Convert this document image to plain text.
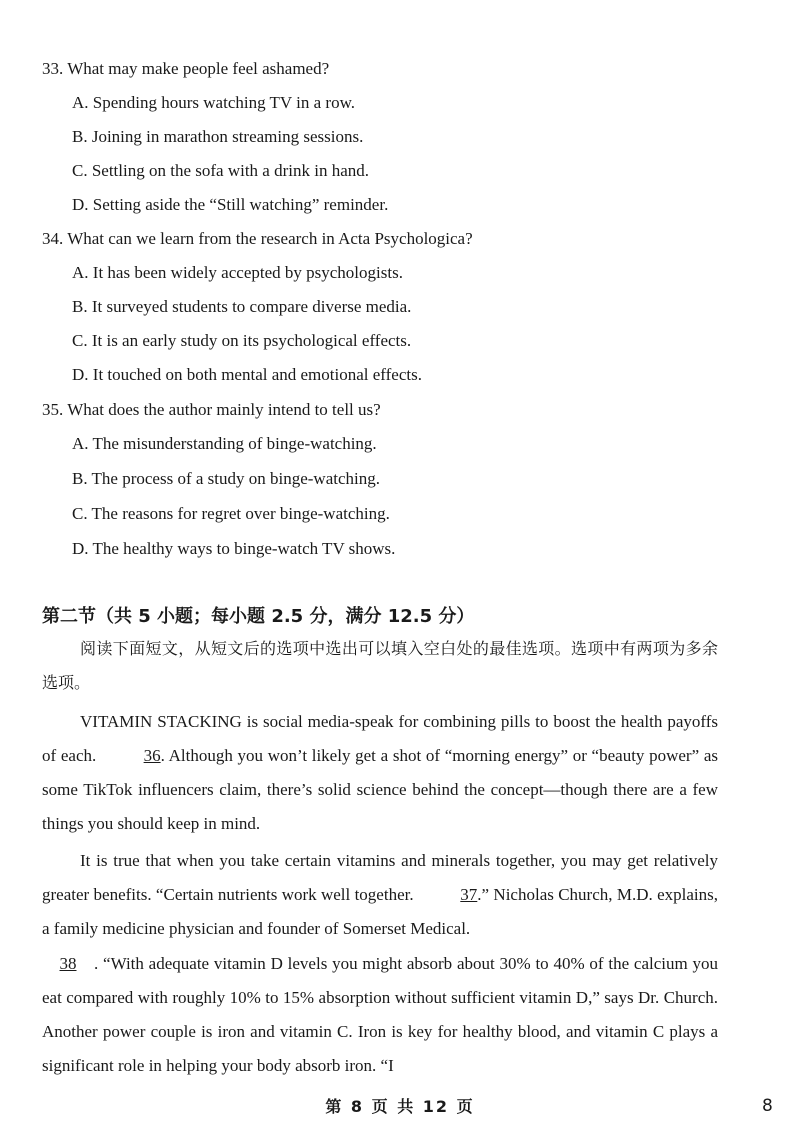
33. What may make people feel ashamed?
A. Spending hours watching TV in a row.
B. Joining in marathon streaming sessions.
C. Settling on the sofa with a drink in hand.
D. Setting aside the “Still watching” reminder.
34. What can we learn from the research in Acta Psychologica?
A. It has been widely accepted by psychologists.
B. It surveyed students to compare diverse media.
C. It is an early study on its psychological effects.
D. It touched on both mental and emotional effects.
35. What does the author mainly intend to tell us?
A. The misunderstanding of binge-watching.
B. The process of a study on binge-watching.
C. The reasons for regret over binge-watching.
D. The healthy ways to binge-watch TV shows.
第二节（共 5 小题；每小题 2.5 分，满分 12.5 分）
阅读下面短文，从短文后的选项中选出可以填入空白处的最佳选项。选项中有两项为多余选项。
VITAMIN STACKING is social media-speak for combining pills to boost the health payoffs of each.	36. Although you won’t likely get a shot of “morning energy” or “beauty power” as some TikTok influencers claim, there’s solid science behind the concept—though there are a few things you should keep in mind.
It is true that when you take certain vitamins and minerals together, you may get relatively greater benefits. “Certain nutrients work well together.	37.” Nicholas Church, M.D. explains, a family medicine physician and founder of Somerset Medical.
38 . “With adequate vitamin D levels you might absorb about 30% to 40% of the calcium you eat compared with roughly 10% to 15% absorption without sufficient vitamin D,” says Dr. Church. Another power couple is iron and vitamin C. Iron is key for healthy blood, and vitamin C plays a significant role in helping your body absorb iron. “I
第 8 页 共 12 页	8
